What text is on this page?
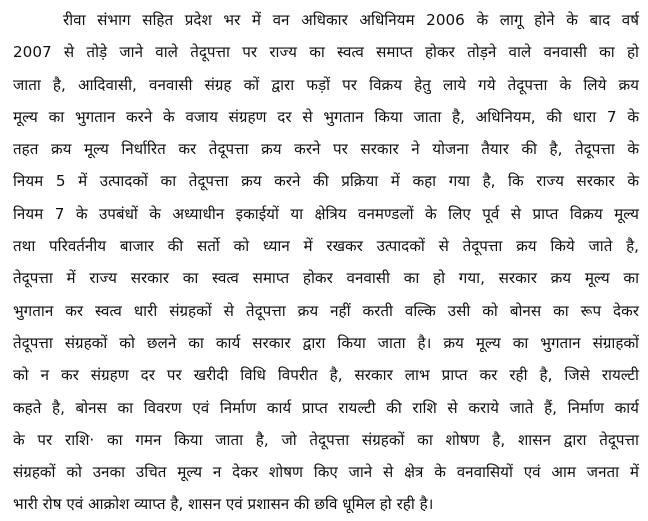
रीवा संभाग सहित प्रदेश भर में वन अधिकार अधिनियम 2006 के लागू होने के बाद वर्ष
2007 से तोड़े जाने वाले तेदूपत्ता पर राज्य का स्वत्व समाप्त होकर तोड़ने वाले वनवासी का हो
जाता है, आदिवासी, वनवासी संग्रह कों द्वारा फड़ों पर विक्रय हेतु लाये गये तेदूपत्ता के लिये क्रय
मूल्य का भुगतान करने के वजाय संग्रहण दर से भुगतान किया जाता है, अधिनियम, की धारा 7 के
तहत क्रय मूल्य निर्धारित कर तेदूपत्ता क्रय करने पर सरकार ने योजना तैयार की है, तेदूपत्ता के
नियम 5 में उत्पादकों का तेदूपत्ता क्रय करने की प्रक्रिया में कहा गया है, कि राज्य सरकार के
नियम 7 के उपबंधों के अध्याधीन इकाईयों या क्षेत्रिय वनमण्डलों के लिए पूर्व से प्राप्त विक्रय मूल्य
तथा परिवर्तनीय बाजार की सर्तो को ध्यान में रखकर उत्पादकों से तेदूपत्ता क्रय किये जाते है,
तेदूपत्ता में राज्य सरकार का स्वत्व समाप्त होकर वनवासी का हो गया, सरकार क्रय मूल्य का
भुगतान कर स्वत्व धारी संग्रहकों से तेदूपत्ता क्रय नहीं करती वल्कि उसी को बोनस का रूप देकर
तेदूपत्ता संग्रहकों को छलने का कार्य सरकार द्वारा किया जाता है। क्रय मूल्य का भुगतान संग्राहकों
को न कर संग्रहण दर पर खरीदी विधि विपरीत है, सरकार लाभ प्राप्त कर रही है, जिसे रायल्टी
कहते है, बोनस का विवरण एवं निर्माण कार्य प्राप्त रायल्टी की राशि से कराये जाते हैं, निर्माण कार्य
के पर राशि· का गमन किया जाता है, जो तेदूपत्ता संग्रहकों का शोषण है, शासन द्वारा तेदूपत्ता
संग्रहकों को उनका उचित मूल्य न देकर शोषण किए जाने से क्षेत्र के वनवासियों एवं आम जनता में
भारी रोष एवं आक्रोश व्याप्त है, शासन एवं प्रशासन की छवि धूमिल हो रही है।
